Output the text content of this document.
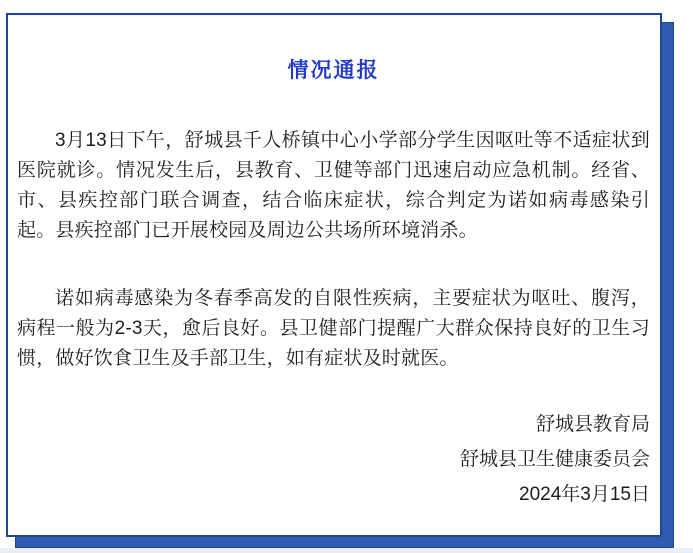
情况通报

3月13日下午，舒城县千人桥镇中心小学部分学生因呕吐等不适症状到医院就诊。情况发生后，县教育、卫健等部门迅速启动应急机制。经省、市、县疾控部门联合调查，结合临床症状，综合判定为诺如病毒感染引起。县疾控部门已开展校园及周边公共场所环境消杀。

诺如病毒感染为冬春季高发的自限性疾病，主要症状为呕吐、腹泻，病程一般为2-3天，愈后良好。县卫健部门提醒广大群众保持良好的卫生习惯，做好饮食卫生及手部卫生，如有症状及时就医。

舒城县教育局
舒城县卫生健康委员会
2024年3月15日
